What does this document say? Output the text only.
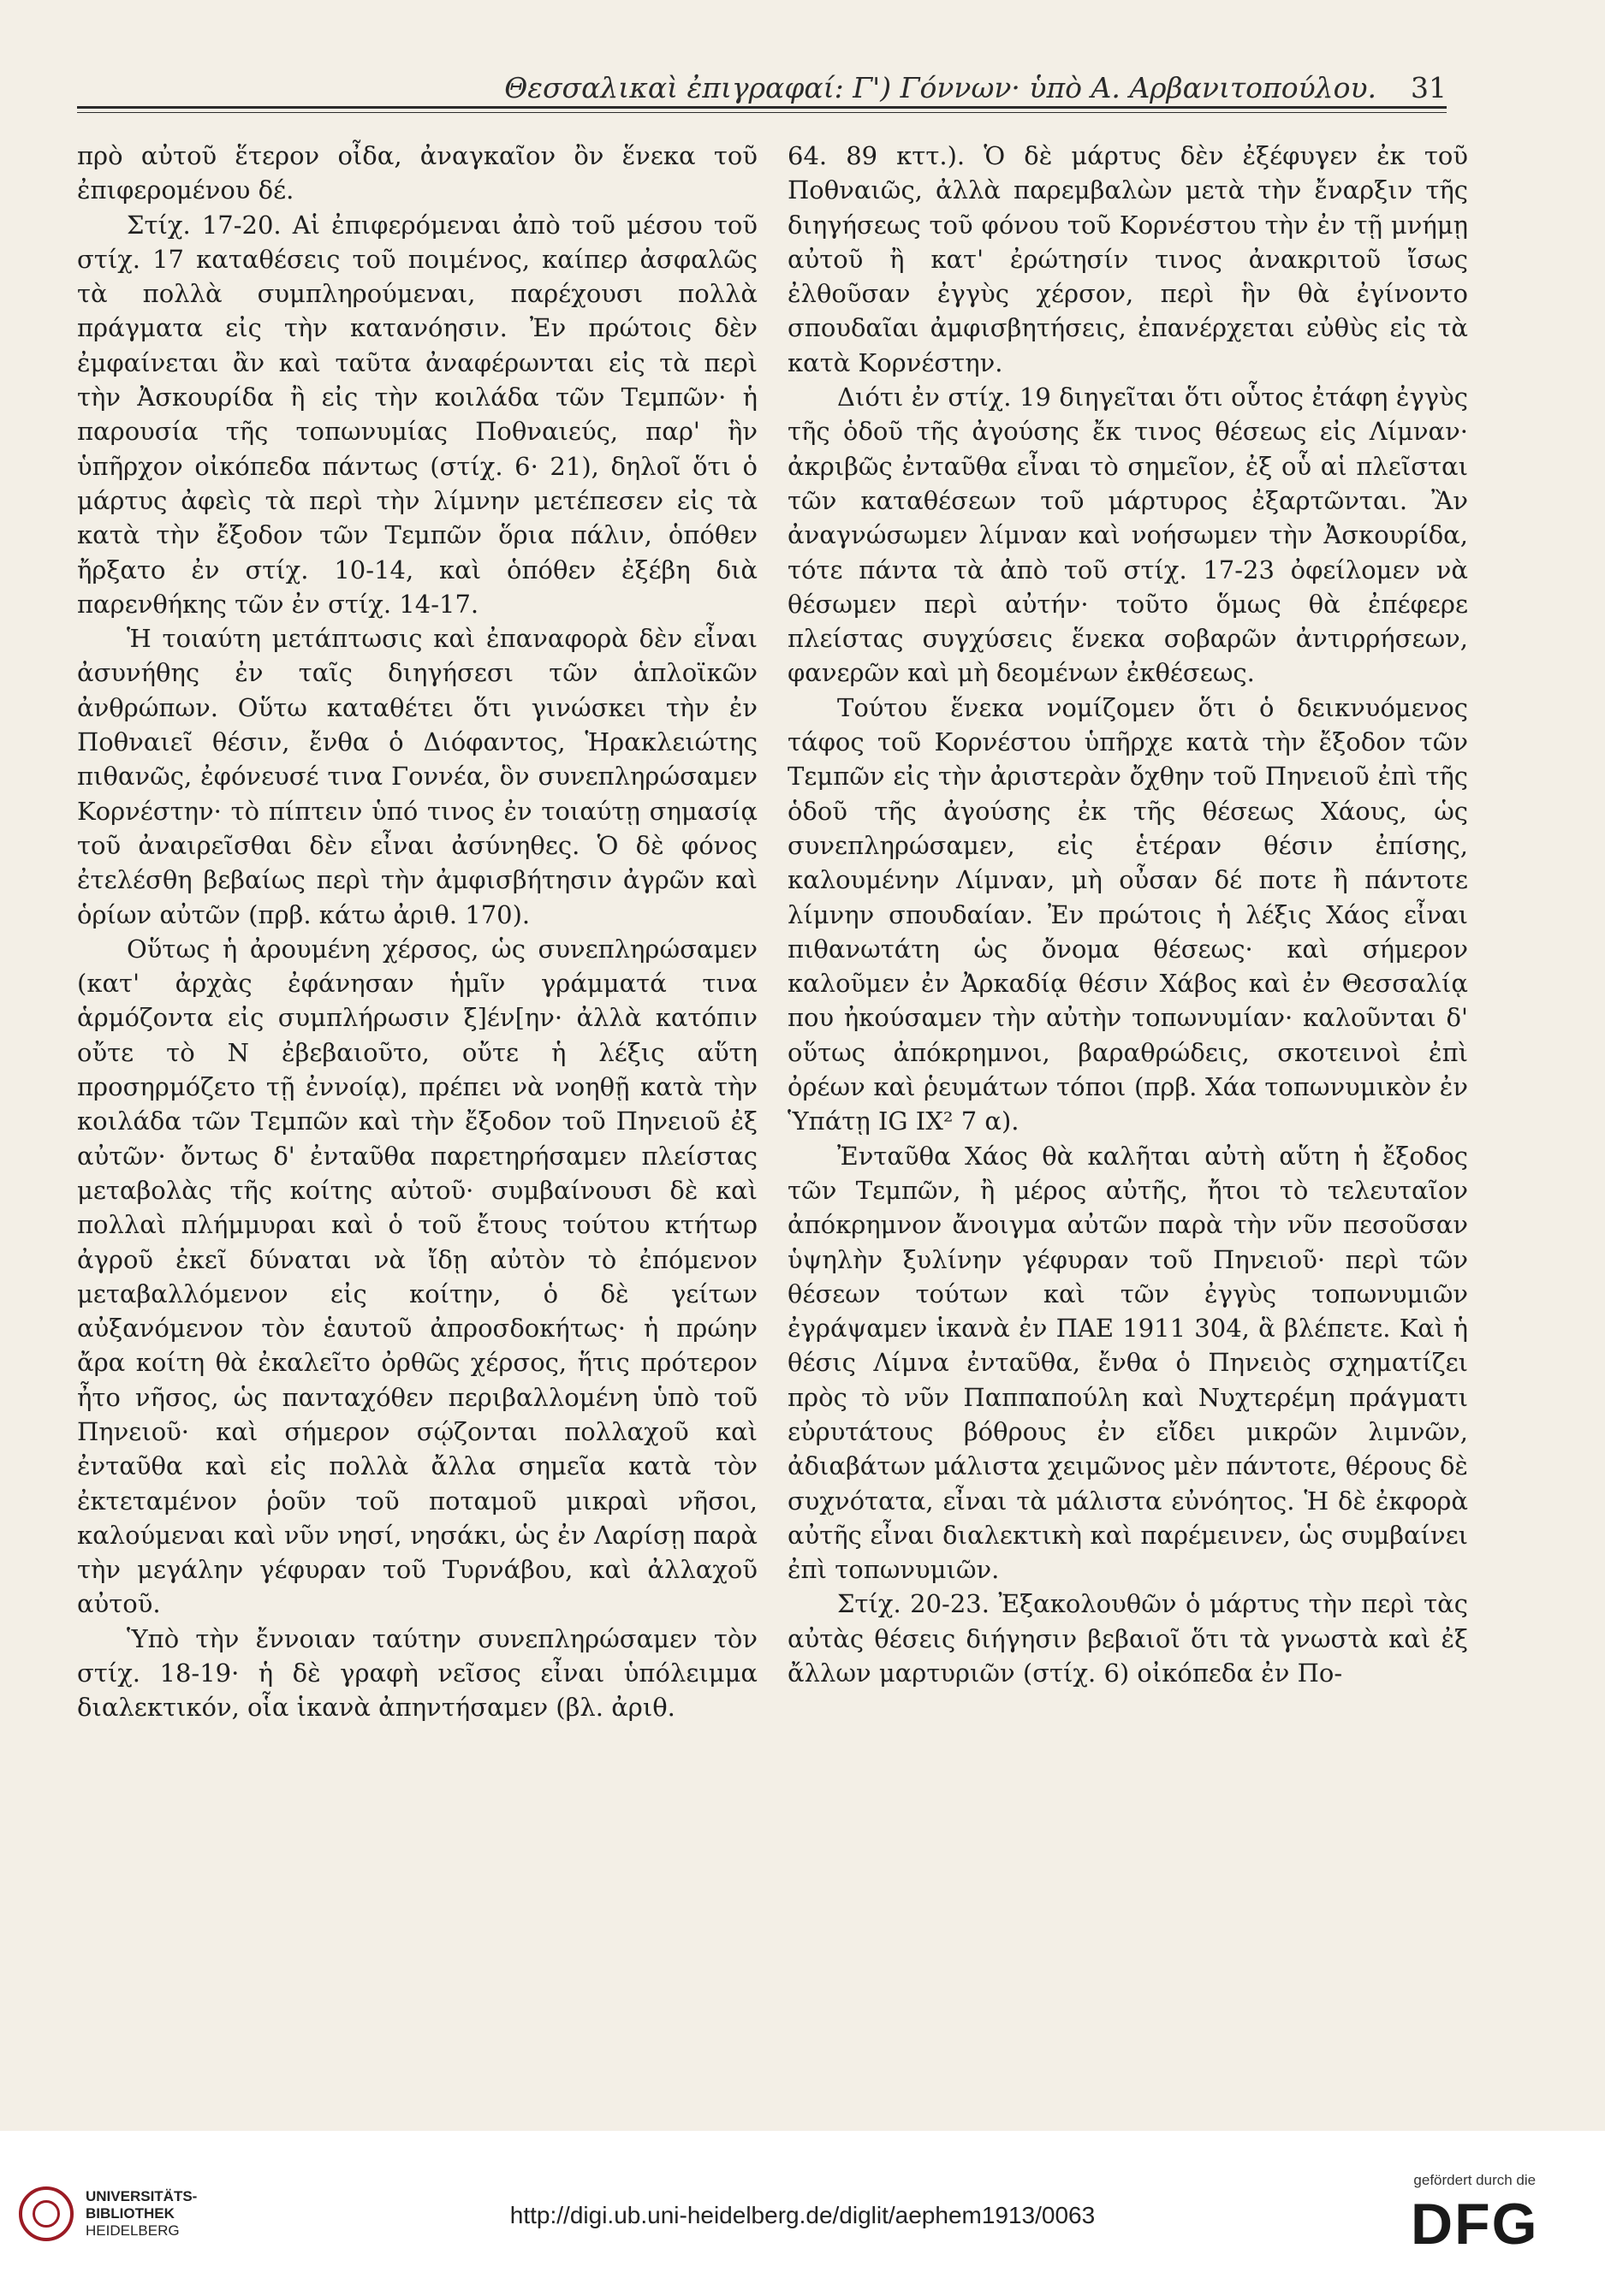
Θεσσαλικαὶ ἐπιγραφαί: Γ') Γόννων· ὑπὸ Α. Αρβανιτοπούλου.	31

πρὸ αὐτοῦ ἕτερον οἶδα, ἀναγκαῖον ὂν ἕνεκα τοῦ ἐπιφερομένου δέ.

Στίχ. 17-20. Αἱ ἐπιφερόμεναι ἀπὸ τοῦ μέσου τοῦ στίχ. 17 καταθέσεις τοῦ ποιμένος, καίπερ ἀσφαλῶς τὰ πολλὰ συμπληρούμεναι, παρέχουσι πολλὰ πράγματα εἰς τὴν κατανόησιν. Ἐν πρώτοις δὲν ἐμφαίνεται ἂν καὶ ταῦτα ἀναφέρωνται εἰς τὰ περὶ τὴν Ἀσκουρίδα ἢ εἰς τὴν κοιλάδα τῶν Τεμπῶν· ἡ παρουσία τῆς τοπωνυμίας Ποθναιεύς, παρ' ἣν ὑπῆρχον οἰκόπεδα πάντως (στίχ. 6· 21), δηλοῖ ὅτι ὁ μάρτυς ἀφεὶς τὰ περὶ τὴν λίμνην μετέπεσεν εἰς τὰ κατὰ τὴν ἔξοδον τῶν Τεμπῶν ὅρια πάλιν, ὁπόθεν ἤρξατο ἐν στίχ. 10-14, καὶ ὁπόθεν ἐξέβη διὰ παρενθήκης τῶν ἐν στίχ. 14-17.

Ἡ τοιαύτη μετάπτωσις καὶ ἐπαναφορὰ δὲν εἶναι ἀσυνήθης ἐν ταῖς διηγήσεσι τῶν ἁπλοϊκῶν ἀνθρώπων. Οὕτω καταθέτει ὅτι γινώσκει τὴν ἐν Ποθναιεῖ θέσιν, ἔνθα ὁ Διόφαντος, Ἡρακλειώτης πιθανῶς, ἐφόνευσέ τινα Γοννέα, ὃν συνεπληρώσαμεν Κορνέστην· τὸ πίπτειν ὑπό τινος ἐν τοιαύτῃ σημασίᾳ τοῦ ἀναιρεῖσθαι δὲν εἶναι ἀσύνηθες. Ὁ δὲ φόνος ἐτελέσθη βεβαίως περὶ τὴν ἀμφισβήτησιν ἀγρῶν καὶ ὁρίων αὐτῶν (πρβ. κάτω ἀριθ. 170).

Οὕτως ἡ ἀρουμένη χέρσος, ὡς συνεπληρώσαμεν (κατ' ἀρχὰς ἐφάνησαν ἡμῖν γράμματά τινα ἁρμόζοντα εἰς συμπλήρωσιν ξ]έν[ην· ἀλλὰ κατόπιν οὔτε τὸ Ν ἐβεβαιοῦτο, οὔτε ἡ λέξις αὕτη προσηρμόζετο τῇ ἐννοίᾳ), πρέπει νὰ νοηθῇ κατὰ τὴν κοιλάδα τῶν Τεμπῶν καὶ τὴν ἔξοδον τοῦ Πηνειοῦ ἐξ αὐτῶν· ὄντως δ' ἐνταῦθα παρετηρήσαμεν πλείστας μεταβολὰς τῆς κοίτης αὐτοῦ· συμβαίνουσι δὲ καὶ πολλαὶ πλήμμυραι καὶ ὁ τοῦ ἔτους τούτου κτήτωρ ἀγροῦ ἐκεῖ δύναται νὰ ἴδῃ αὐτὸν τὸ ἐπόμενον μεταβαλλόμενον εἰς κοίτην, ὁ δὲ γείτων αὐξανόμενον τὸν ἑαυτοῦ ἀπροσδοκήτως· ἡ πρώην ἄρα κοίτη θὰ ἐκαλεῖτο ὀρθῶς χέρσος, ἥτις πρότερον ἦτο νῆσος, ὡς πανταχόθεν περιβαλλομένη ὑπὸ τοῦ Πηνειοῦ· καὶ σήμερον σῴζονται πολλαχοῦ καὶ ἐνταῦθα καὶ εἰς πολλὰ ἄλλα σημεῖα κατὰ τὸν ἐκτεταμένον ῥοῦν τοῦ ποταμοῦ μικραὶ νῆσοι, καλούμεναι καὶ νῦν νησί, νησάκι, ὡς ἐν Λαρίσῃ παρὰ τὴν μεγάλην γέφυραν τοῦ Τυρνάβου, καὶ ἀλλαχοῦ αὐτοῦ.

Ὑπὸ τὴν ἔννοιαν ταύτην συνεπληρώσαμεν τὸν στίχ. 18-19· ἡ δὲ γραφὴ νεῖσος εἶναι ὑπόλειμμα διαλεκτικόν, οἷα ἱκανὰ ἀπηντήσαμεν (βλ. ἀριθ.

64. 89 κττ.). Ὁ δὲ μάρτυς δὲν ἐξέφυγεν ἐκ τοῦ Ποθναιῶς, ἀλλὰ παρεμβαλὼν μετὰ τὴν ἔναρξιν τῆς διηγήσεως τοῦ φόνου τοῦ Κορνέστου τὴν ἐν τῇ μνήμῃ αὐτοῦ ἢ κατ' ἐρώτησίν τινος ἀνακριτοῦ ἴσως ἐλθοῦσαν ἐγγὺς χέρσον, περὶ ἣν θὰ ἐγίνοντο σπουδαῖαι ἀμφισβητήσεις, ἐπανέρχεται εὐθὺς εἰς τὰ κατὰ Κορνέστην.

Διότι ἐν στίχ. 19 διηγεῖται ὅτι οὗτος ἐτάφη ἐγγὺς τῆς ὁδοῦ τῆς ἀγούσης ἔκ τινος θέσεως εἰς Λίμναν· ἀκριβῶς ἐνταῦθα εἶναι τὸ σημεῖον, ἐξ οὗ αἱ πλεῖσται τῶν καταθέσεων τοῦ μάρτυρος ἐξαρτῶνται. Ἂν ἀναγνώσωμεν λίμναν καὶ νοήσωμεν τὴν Ἀσκουρίδα, τότε πάντα τὰ ἀπὸ τοῦ στίχ. 17-23 ὀφείλομεν νὰ θέσωμεν περὶ αὐτήν· τοῦτο ὅμως θὰ ἐπέφερε πλείστας συγχύσεις ἕνεκα σοβαρῶν ἀντιρρήσεων, φανερῶν καὶ μὴ δεομένων ἐκθέσεως.

Τούτου ἕνεκα νομίζομεν ὅτι ὁ δεικνυόμενος τάφος τοῦ Κορνέστου ὑπῆρχε κατὰ τὴν ἔξοδον τῶν Τεμπῶν εἰς τὴν ἀριστερὰν ὄχθην τοῦ Πηνειοῦ ἐπὶ τῆς ὁδοῦ τῆς ἀγούσης ἐκ τῆς θέσεως Χάους, ὡς συνεπληρώσαμεν, εἰς ἑτέραν θέσιν ἐπίσης, καλουμένην Λίμναν, μὴ οὖσαν δέ ποτε ἢ πάντοτε λίμνην σπουδαίαν. Ἐν πρώτοις ἡ λέξις Χάος εἶναι πιθανωτάτη ὡς ὄνομα θέσεως· καὶ σήμερον καλοῦμεν ἐν Ἀρκαδίᾳ θέσιν Χάβος καὶ ἐν Θεσσαλίᾳ που ἠκούσαμεν τὴν αὐτὴν τοπωνυμίαν· καλοῦνται δ' οὕτως ἀπόκρημνοι, βαραθρώδεις, σκοτεινοὶ ἐπὶ ὀρέων καὶ ῥευμάτων τόποι (πρβ. Χάα τοπωνυμικὸν ἐν Ὑπάτῃ IG IX² 7 α).

Ἐνταῦθα Χάος θὰ καλῆται αὐτὴ αὕτη ἡ ἔξοδος τῶν Τεμπῶν, ἢ μέρος αὐτῆς, ἤτοι τὸ τελευταῖον ἀπόκρημνον ἄνοιγμα αὐτῶν παρὰ τὴν νῦν πεσοῦσαν ὑψηλὴν ξυλίνην γέφυραν τοῦ Πηνειοῦ· περὶ τῶν θέσεων τούτων καὶ τῶν ἐγγὺς τοπωνυμιῶν ἐγράψαμεν ἱκανὰ ἐν ΠΑΕ 1911 304, ἃ βλέπετε. Καὶ ἡ θέσις Λίμνα ἐνταῦθα, ἔνθα ὁ Πηνειὸς σχηματίζει πρὸς τὸ νῦν Παππαπούλη καὶ Νυχτερέμη πράγματι εὐρυτάτους βόθρους ἐν εἴδει μικρῶν λιμνῶν, ἀδιαβάτων μάλιστα χειμῶνος μὲν πάντοτε, θέρους δὲ συχνότατα, εἶναι τὰ μάλιστα εὐνόητος. Ἡ δὲ ἐκφορὰ αὐτῆς εἶναι διαλεκτικὴ καὶ παρέμεινεν, ὡς συμβαίνει ἐπὶ τοπωνυμιῶν.

Στίχ. 20-23. Ἐξακολουθῶν ὁ μάρτυς τὴν περὶ τὰς αὐτὰς θέσεις διήγησιν βεβαιοῖ ὅτι τὰ γνωστὰ καὶ ἐξ ἄλλων μαρτυριῶν (στίχ. 6) οἰκόπεδα ἐν Πο-

UNIVERSITÄTS-
BIBLIOTHEK
HEIDELBERG
http://digi.ub.uni-heidelberg.de/diglit/aephem1913/0063
gefördert durch die
DFG
